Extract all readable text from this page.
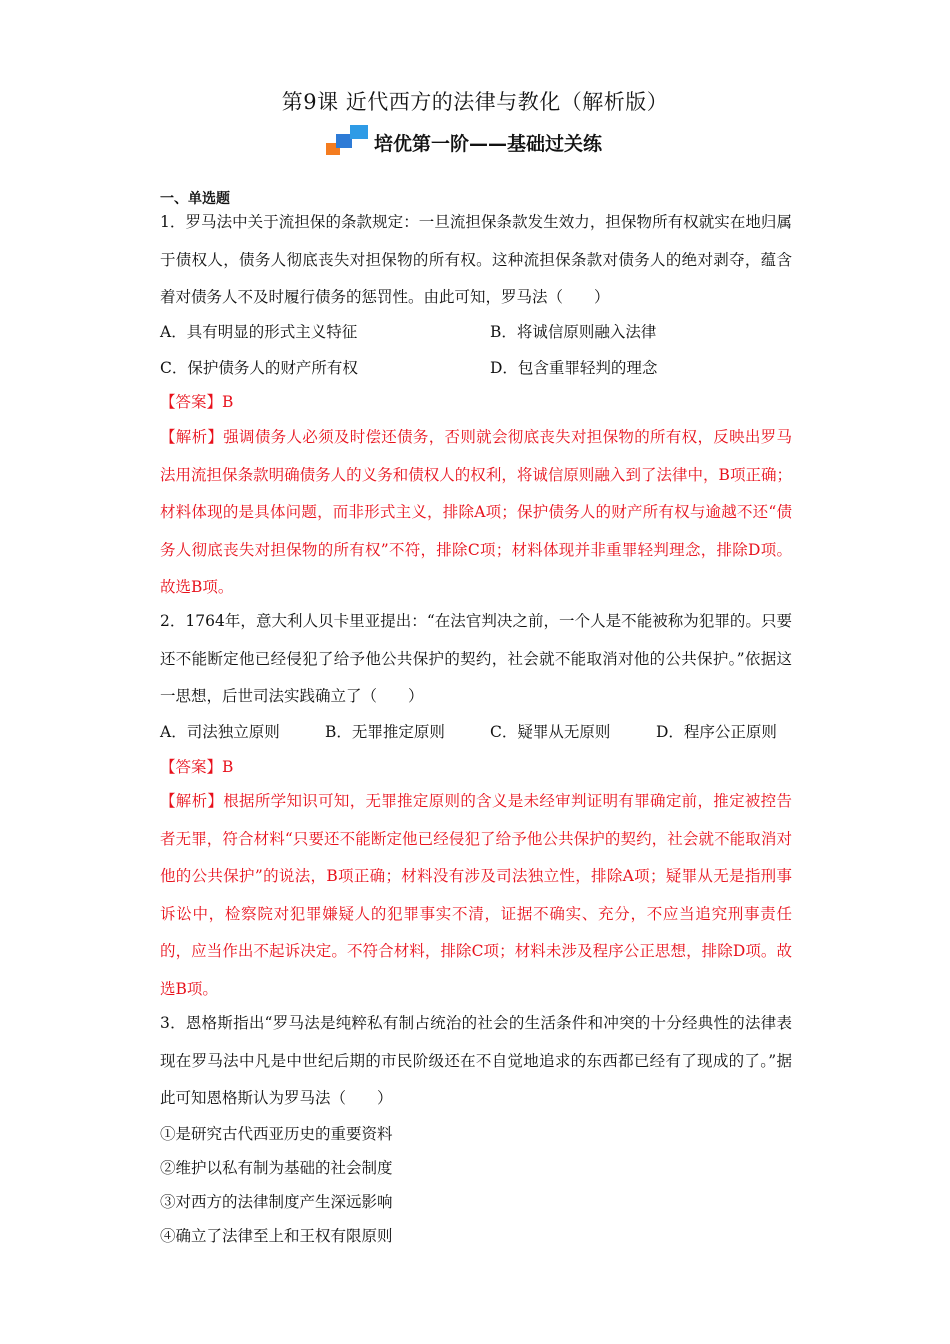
第9课 近代西方的法律与教化（解析版）
培优第一阶——基础过关练
一、单选题

1．罗马法中关于流担保的条款规定：一旦流担保条款发生效力，担保物所有权就实在地归属于债权人，债务人彻底丧失对担保物的所有权。这种流担保条款对债务人的绝对剥夺，蕴含着对债务人不及时履行债务的惩罚性。由此可知，罗马法（　　）

A．具有明显的形式主义特征	B．将诚信原则融入法律
C．保护债务人的财产所有权	D．包含重罪轻判的理念
【答案】B

【解析】强调债务人必须及时偿还债务，否则就会彻底丧失对担保物的所有权，反映出罗马法用流担保条款明确债务人的义务和债权人的权利，将诚信原则融入到了法律中，B项正确；材料体现的是具体问题，而非形式主义，排除A项；保护债务人的财产所有权与逾越不还“债务人彻底丧失对担保物的所有权”不符，排除C项；材料体现并非重罪轻判理念，排除D项。故选B项。

2．1764年，意大利人贝卡里亚提出：“在法官判决之前，一个人是不能被称为犯罪的。只要还不能断定他已经侵犯了给予他公共保护的契约，社会就不能取消对他的公共保护。”依据这一思想，后世司法实践确立了（　　）

A．司法独立原则	B．无罪推定原则	C．疑罪从无原则	D．程序公正原则
【答案】B

【解析】根据所学知识可知，无罪推定原则的含义是未经审判证明有罪确定前，推定被控告者无罪，符合材料“只要还不能断定他已经侵犯了给予他公共保护的契约，社会就不能取消对他的公共保护”的说法，B项正确；材料没有涉及司法独立性，排除A项；疑罪从无是指刑事诉讼中，检察院对犯罪嫌疑人的犯罪事实不清，证据不确实、充分，不应当追究刑事责任的，应当作出不起诉决定。不符合材料，排除C项；材料未涉及程序公正思想，排除D项。故选B项。

3．恩格斯指出“罗马法是纯粹私有制占统治的社会的生活条件和冲突的十分经典性的法律表现在罗马法中凡是中世纪后期的市民阶级还在不自觉地追求的东西都已经有了现成的了。”据此可知恩格斯认为罗马法（　　）

①是研究古代西亚历史的重要资料
②维护以私有制为基础的社会制度
③对西方的法律制度产生深远影响
④确立了法律至上和王权有限原则
